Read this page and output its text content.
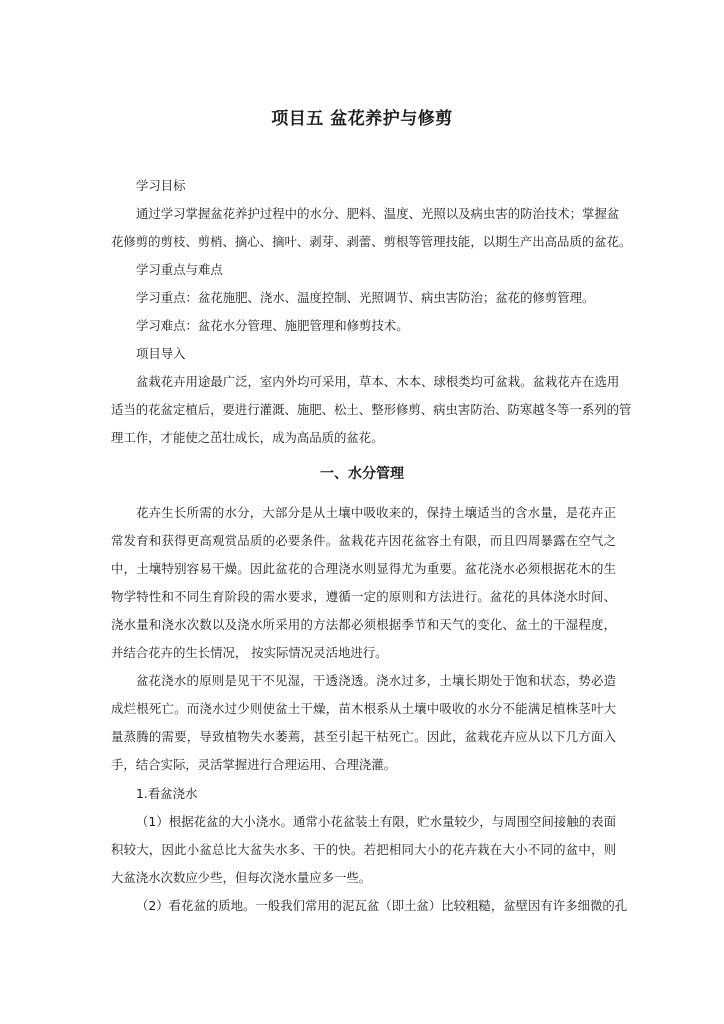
项目五 盆花养护与修剪
学习目标
通过学习掌握盆花养护过程中的水分、肥料、温度、光照以及病虫害的防治技术；掌握盆
花修剪的剪枝、剪梢、摘心、摘叶、剥芽、剥蕾、剪根等管理技能，以期生产出高品质的盆花。
学习重点与难点
学习重点：盆花施肥、浇水、温度控制、光照调节、病虫害防治；盆花的修剪管理。
学习难点：盆花水分管理、施肥管理和修剪技术。
项目导入
盆栽花卉用途最广泛，室内外均可采用，草本、木本、球根类均可盆栽。盆栽花卉在选用
适当的花盆定植后，要进行灌溉、施肥、松土、整形修剪、病虫害防治、防寒越冬等一系列的管
理工作，才能使之茁壮成长，成为高品质的盆花。
一、水分管理
花卉生长所需的水分，大部分是从土壤中吸收来的，保持土壤适当的含水量，是花卉正
常发育和获得更高观赏品质的必要条件。盆栽花卉因花盆容土有限，而且四周暴露在空气之
中，土壤特别容易干燥。因此盆花的合理浇水则显得尤为重要。盆花浇水必须根据花木的生
物学特性和不同生育阶段的需水要求，遵循一定的原则和方法进行。盆花的具体浇水时间、
浇水量和浇水次数以及浇水所采用的方法都必须根据季节和天气的变化、盆土的干湿程度，
并结合花卉的生长情况， 按实际情况灵活地进行。
盆花浇水的原则是见干不见湿，干透浇透。浇水过多，土壤长期处于饱和状态，势必造
成烂根死亡。而浇水过少则使盆土干燥，苗木根系从土壤中吸收的水分不能满足植株茎叶大
量蒸腾的需要，导致植物失水萎蔫，甚至引起干枯死亡。因此，盆栽花卉应从以下几方面入
手，结合实际，灵活掌握进行合理运用、合理浇灌。
1.看盆浇水
（1）根据花盆的大小浇水。通常小花盆装土有限，贮水量较少，与周围空间接触的表面
积较大，因此小盆总比大盆失水多、干的快。若把相同大小的花卉栽在大小不同的盆中，则
大盆浇水次数应少些，但每次浇水量应多一些。
（2）看花盆的质地。一般我们常用的泥瓦盆（即土盆）比较粗糙，盆壁因有许多细微的孔
